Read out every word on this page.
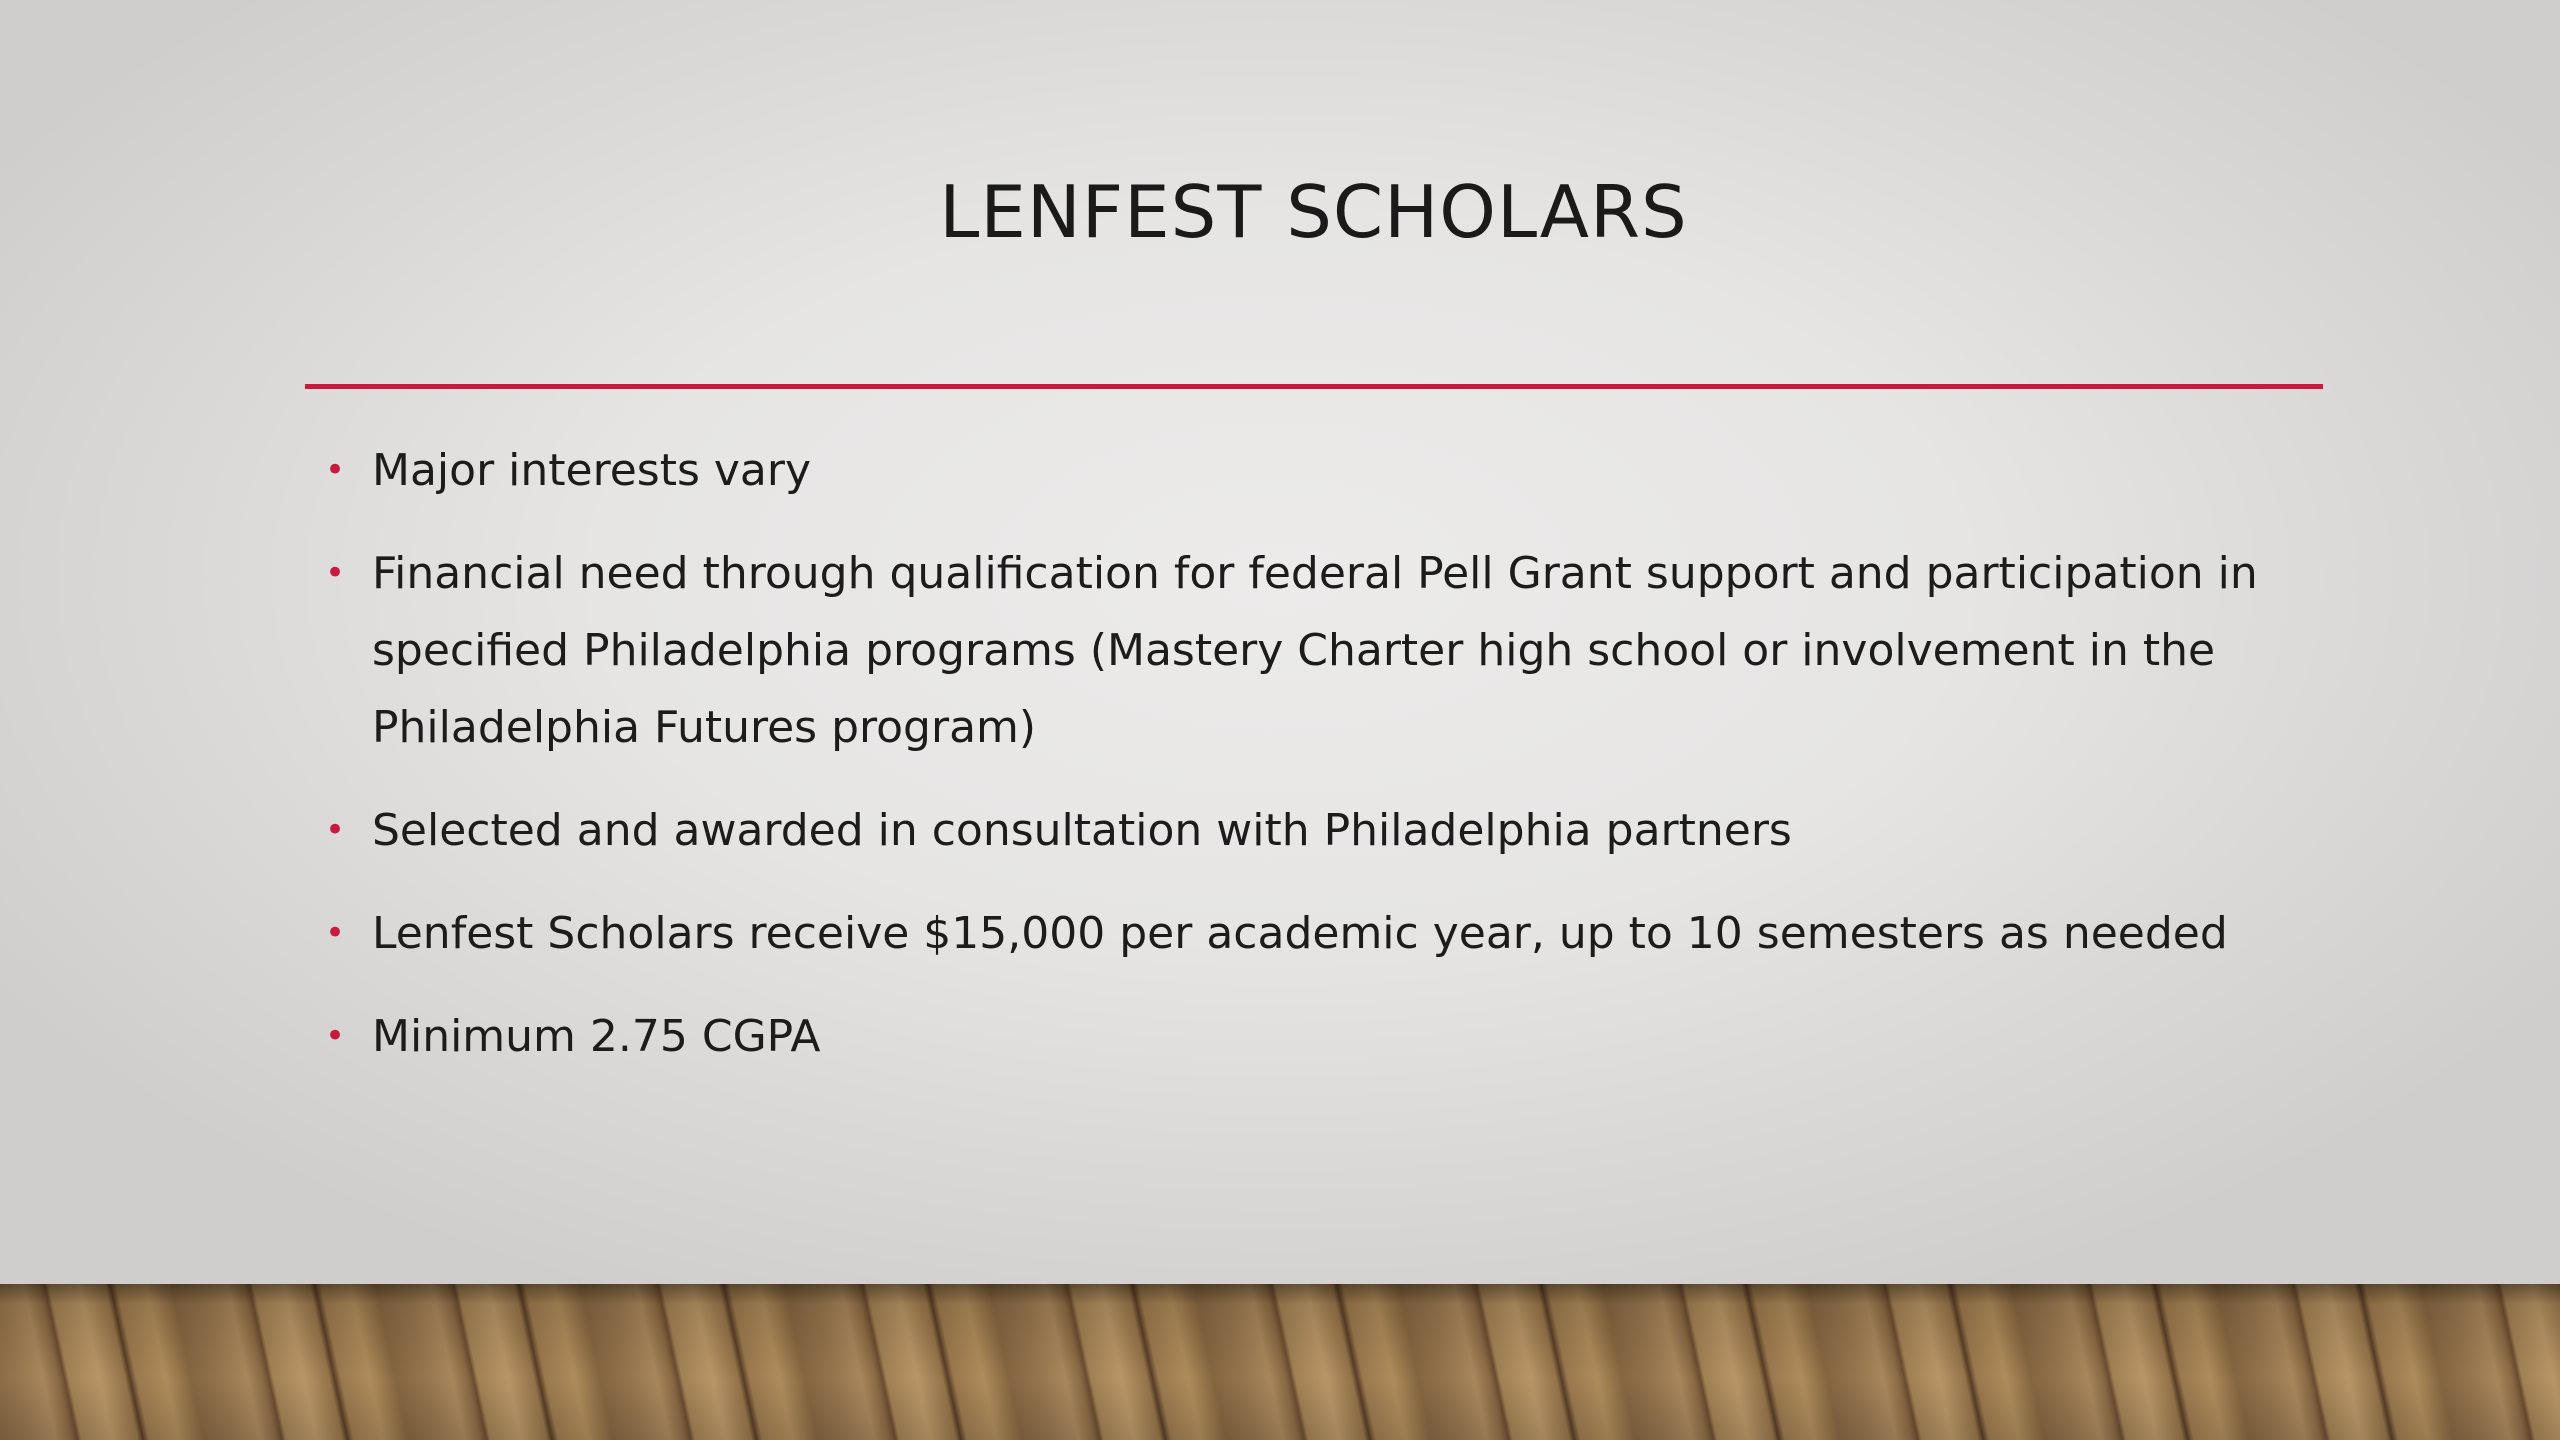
LENFEST SCHOLARS
• Major interests vary
• Financial need through qualification for federal Pell Grant support and participation in specified Philadelphia programs (Mastery Charter high school or involvement in the Philadelphia Futures program)
• Selected and awarded in consultation with Philadelphia partners
• Lenfest Scholars receive $15,000 per academic year, up to 10 semesters as needed
• Minimum 2.75 CGPA
